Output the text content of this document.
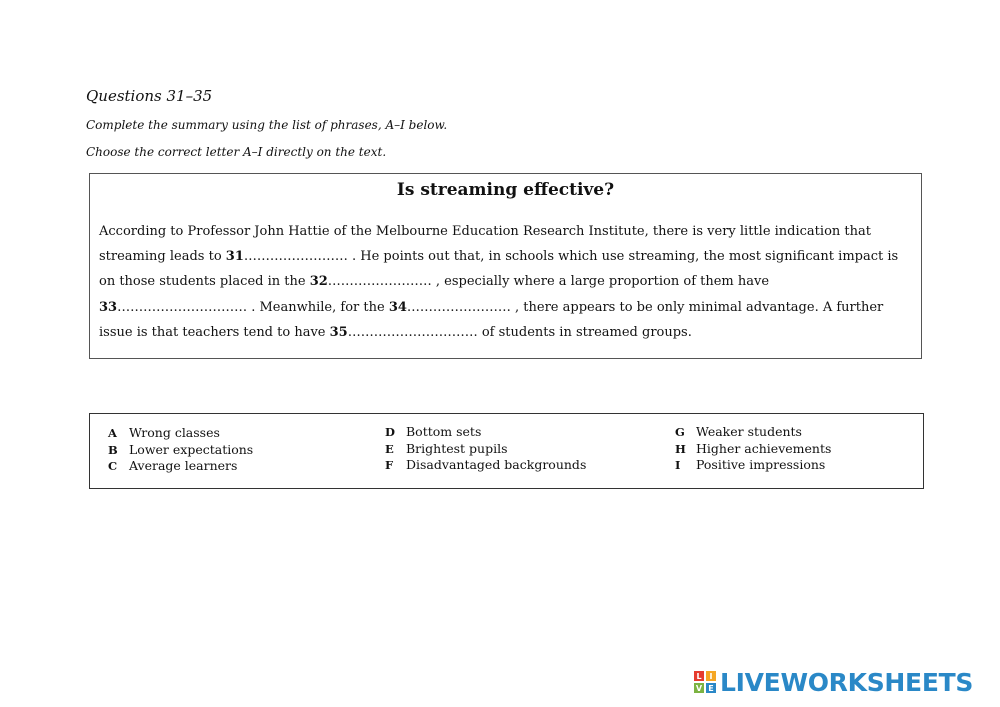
Questions 31–35
Complete the summary using the list of phrases, A–I below.
Choose the correct letter A–I directly on the text.
Is streaming effective?
According to Professor John Hattie of the Melbourne Education Research Institute, there is very little indication that streaming leads to 31…………………… . He points out that, in schools which use streaming, the most significant impact is on those students placed in the 32…………………… , especially where a large proportion of them have 33………………………… . Meanwhile, for the 34…………………… , there appears to be only minimal advantage. A further issue is that teachers tend to have 35………………………… of students in streamed groups.
A Wrong classes
B Lower expectations
C Average learners
D Bottom sets
E Brightest pupils
F Disadvantaged backgrounds
G Weaker students
H Higher achievements
I Positive impressions
L I
V E LIVEWORKSHEETS
